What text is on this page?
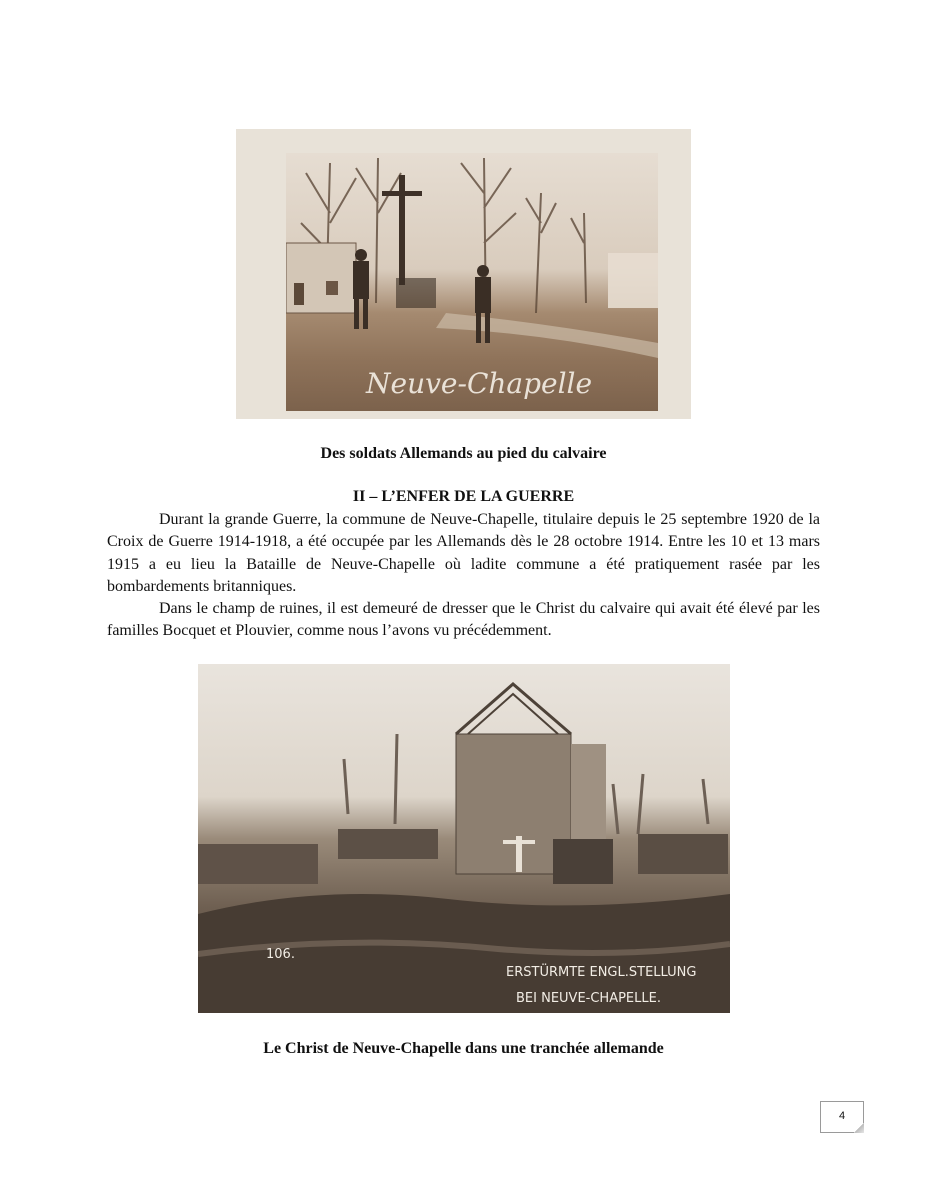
Neuve-Chapelle
Des soldats Allemands au pied du calvaire
II – L’ENFER DE LA GUERRE

Durant la grande Guerre, la commune de Neuve-Chapelle, titulaire depuis le 25 septembre 1920 de la Croix de Guerre 1914-1918, a été occupée par les Allemands dès le 28 octobre 1914. Entre les 10 et 13 mars 1915 a eu lieu la Bataille de Neuve-Chapelle où ladite commune a été pratiquement rasée par les bombardements britanniques.

Dans le champ de ruines, il est demeuré de dresser que le Christ du calvaire qui avait été élevé par les familles Bocquet et Plouvier, comme nous l’avons vu précédemment.

106.
ERSTÜRMTE ENGL.STELLUNG
BEI NEUVE-CHAPELLE.
Le Christ de Neuve-Chapelle dans une tranchée allemande
4
